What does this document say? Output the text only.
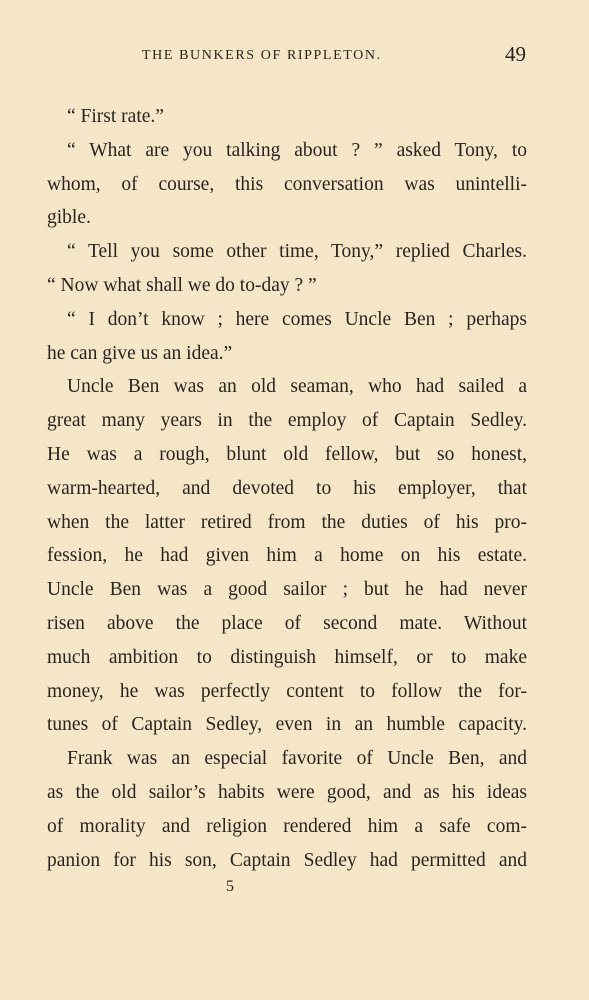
THE BUNKERS OF RIPPLETON.	49
“ First rate.”
“ What are you talking about ? ” asked Tony, to
whom, of course, this conversation was unintelli-
gible.
“ Tell you some other time, Tony,” replied Charles.
“ Now what shall we do to-day ? ”
“ I don’t know ; here comes Uncle Ben ; perhaps
he can give us an idea.”
Uncle Ben was an old seaman, who had sailed a
great many years in the employ of Captain Sedley.
He was a rough, blunt old fellow, but so honest,
warm-hearted, and devoted to his employer, that
when the latter retired from the duties of his pro-
fession, he had given him a home on his estate.
Uncle Ben was a good sailor ; but he had never
risen above the place of second mate. Without
much ambition to distinguish himself, or to make
money, he was perfectly content to follow the for-
tunes of Captain Sedley, even in an humble capacity.
Frank was an especial favorite of Uncle Ben, and
as the old sailor’s habits were good, and as his ideas
of morality and religion rendered him a safe com-
panion for his son, Captain Sedley had permitted and
5
